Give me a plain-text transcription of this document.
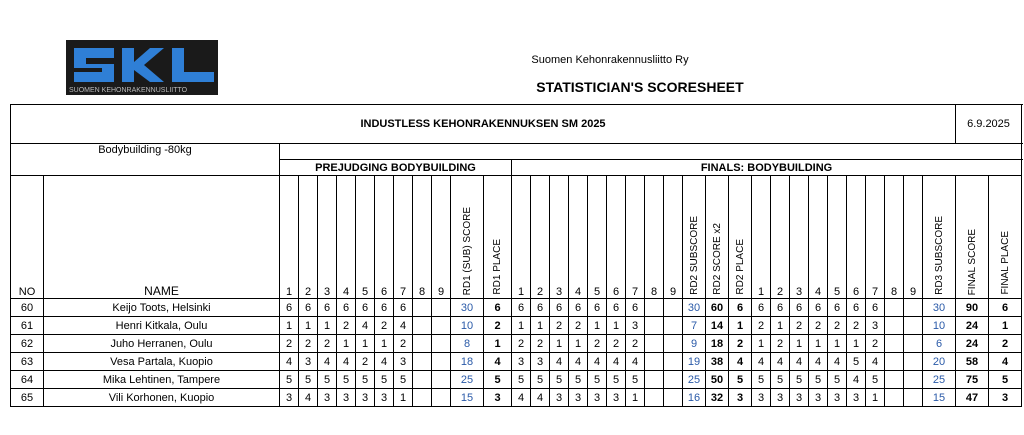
SUOMEN KEHONRAKENNUSLIITTO
Suomen Kehonrakennusliitto Ry
STATISTICIAN'S SCORESHEET
INDUSTLESS KEHONRAKENNUKSEN SM 2025																																			6.9.2025	
Bodybuilding -80kg																																				
		PREJUDGING BODYBUILDING											FINALS: BODYBUILDING																							
NO	NAME	1	2	3	4	5	6	7	8	9	RD1 (SUB) SCORE	RD1 PLACE	1	2	3	4	5	6	7	8	9	RD2 SUBSCORE	RD2 SCORE x2	RD2 PLACE	1	2	3	4	5	6	7	8	9	RD3 SUBSCORE	FINAL SCORE	FINAL PLACE
60	Keijo Toots, Helsinki	6	6	6	6	6	6	6			30	6	6	6	6	6	6	6	6			30	60	6	6	6	6	6	6	6	6			30	90	6
61	Henri Kitkala, Oulu	1	1	1	2	4	2	4			10	2	1	1	2	2	1	1	3			7	14	1	2	1	2	2	2	2	3			10	24	1
62	Juho Herranen, Oulu	2	2	2	1	1	1	2			8	1	2	2	1	1	2	2	2			9	18	2	1	2	1	1	1	1	2			6	24	2
63	Vesa Partala, Kuopio	4	3	4	4	2	4	3			18	4	3	3	4	4	4	4	4			19	38	4	4	4	4	4	4	5	4			20	58	4
64	Mika Lehtinen, Tampere	5	5	5	5	5	5	5			25	5	5	5	5	5	5	5	5			25	50	5	5	5	5	5	5	4	5			25	75	5
65	Vili Korhonen, Kuopio	3	4	3	3	3	3	1			15	3	4	4	3	3	3	3	1			16	32	3	3	3	3	3	3	3	1			15	47	3
